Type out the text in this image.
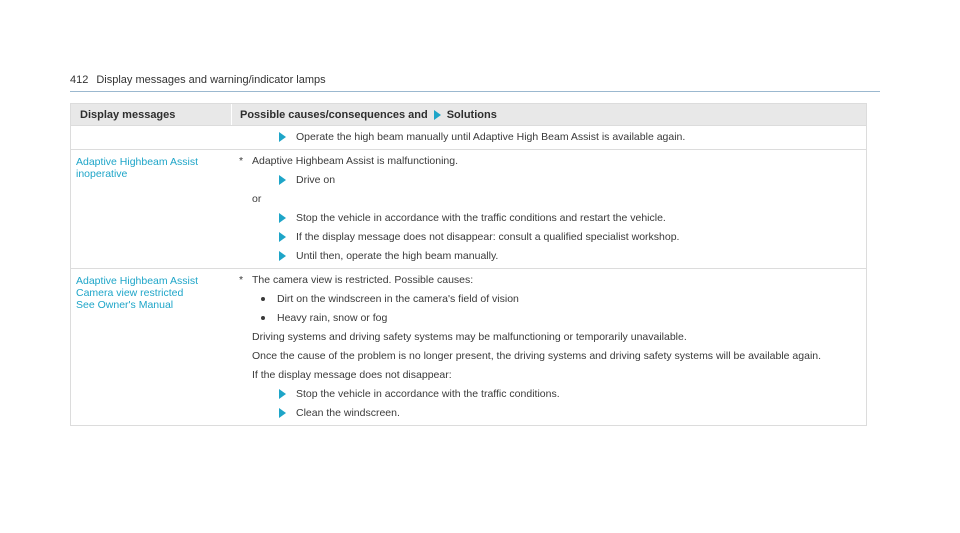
412 Display messages and warning/indicator lamps
Display messages	Possible causes/consequences and Solutions
Operate the high beam manually until Adaptive High Beam Assist is available again.
Adaptive Highbeam Assist
inoperative
* Adaptive Highbeam Assist is malfunctioning.
Drive on
or
Stop the vehicle in accordance with the traffic conditions and restart the vehicle.
If the display message does not disappear: consult a qualified specialist workshop.
Until then, operate the high beam manually.
Adaptive Highbeam Assist
Camera view restricted
See Owner's Manual
* The camera view is restricted. Possible causes:
Dirt on the windscreen in the camera's field of vision
Heavy rain, snow or fog
Driving systems and driving safety systems may be malfunctioning or temporarily unavailable.
Once the cause of the problem is no longer present, the driving systems and driving safety systems will be available again.
If the display message does not disappear:
Stop the vehicle in accordance with the traffic conditions.
Clean the windscreen.
